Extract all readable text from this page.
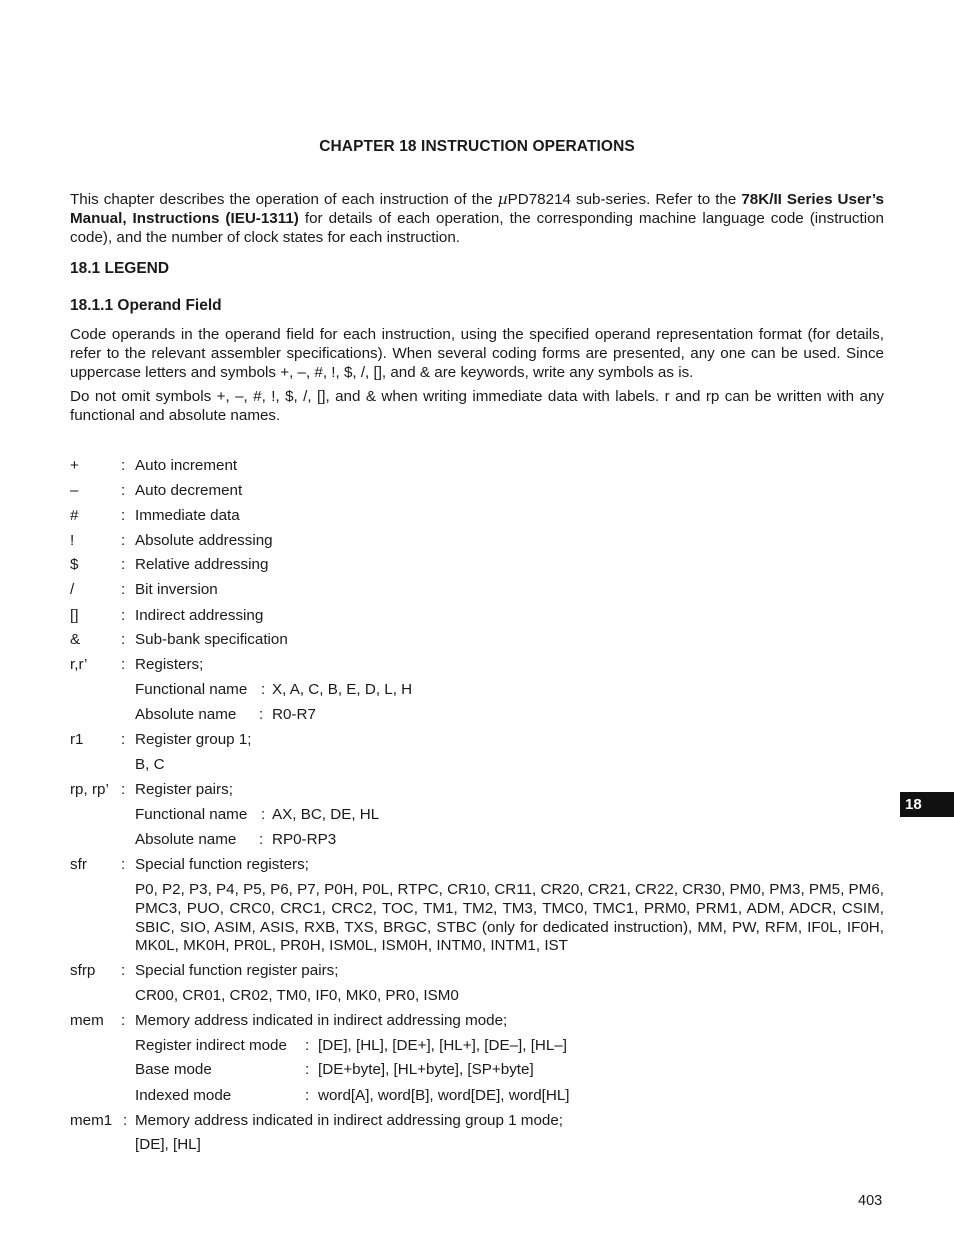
CHAPTER 18 INSTRUCTION OPERATIONS

This chapter describes the operation of each instruction of the µPD78214 sub-series. Refer to the 78K/II Series User’s Manual, Instructions (IEU-1311) for details of each operation, the corresponding machine language code (instruction code), and the number of clock states for each instruction.

18.1 LEGEND
18.1.1 Operand Field

Code operands in the operand field for each instruction, using the specified operand representation format (for details, refer to the relevant assembler specifications). When several coding forms are presented, any one can be used. Since uppercase letters and symbols +, –, #, !, $, /, [], and & are keywords, write any symbols as is.

Do not omit symbols +, –, #, !, $, /, [], and & when writing immediate data with labels. r and rp can be written with any functional and absolute names.

+	: Auto increment
–	: Auto decrement
#	: Immediate data
!	: Absolute addressing
$	: Relative addressing
/	: Bit inversion
[]	: Indirect addressing
&	: Sub-bank specification
r,r’ : Registers;
Functional name : X, A, C, B, E, D, L, H
Absolute name : R0-R7
r1 : Register group 1;
B, C
rp, rp’ : Register pairs;
Functional name : AX, BC, DE, HL
Absolute name : RP0-RP3
sfr : Special function registers;
P0, P2, P3, P4, P5, P6, P7, P0H, P0L, RTPC, CR10, CR11, CR20, CR21, CR22, CR30, PM0, PM3, PM5, PM6, PMC3, PUO, CRC0, CRC1, CRC2, TOC, TM1, TM2, TM3, TMC0, TMC1, PRM0, PRM1, ADM, ADCR, CSIM, SBIC, SIO, ASIM, ASIS, RXB, TXS, BRGC, STBC (only for dedicated instruction), MM, PW, RFM, IF0L, IF0H, MK0L, MK0H, PR0L, PR0H, ISM0L, ISM0H, INTM0, INTM1, IST
sfrp : Special function register pairs;
CR00, CR01, CR02, TM0, IF0, MK0, PR0, ISM0
mem : Memory address indicated in indirect addressing mode;
Register indirect mode : [DE], [HL], [DE+], [HL+], [DE–], [HL–]
Base mode	: [DE+byte], [HL+byte], [SP+byte]
Indexed mode	: word[A], word[B], word[DE], word[HL]
mem1 : Memory address indicated in indirect addressing group 1 mode;
[DE], [HL]
18
403
